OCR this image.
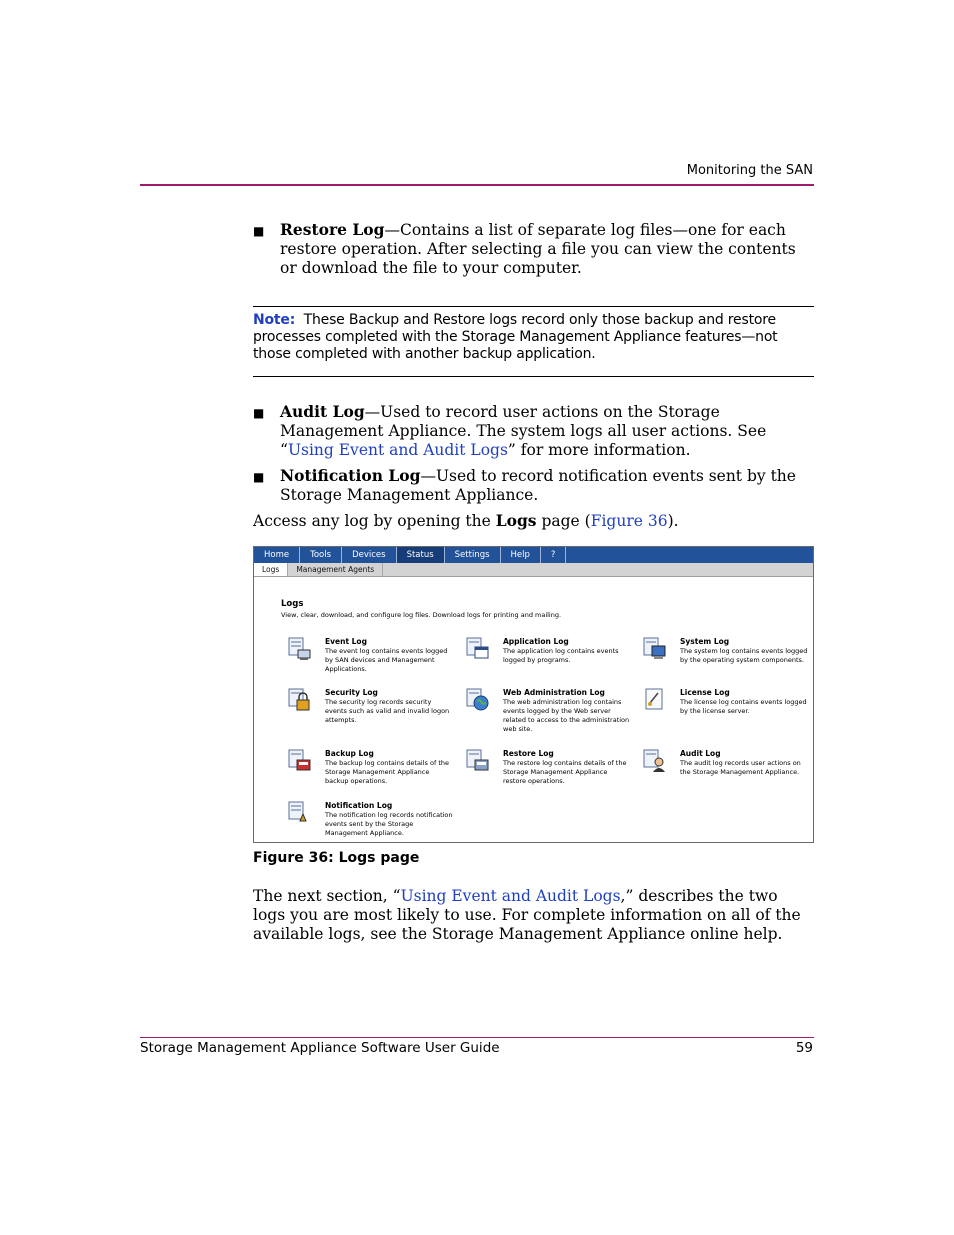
Monitoring the SAN
■ Restore Log—Contains a list of separate log files—one for each restore operation. After selecting a file you can view the contents or download the file to your computer.
Note: These Backup and Restore logs record only those backup and restore processes completed with the Storage Management Appliance features—not those completed with another backup application.
■ Audit Log—Used to record user actions on the Storage Management Appliance. The system logs all user actions. See “Using Event and Audit Logs” for more information.
■ Notification Log—Used to record notification events sent by the Storage Management Appliance.
Access any log by opening the Logs page (Figure 36).
Home	Tools	Devices	Status	Settings	Help	?
Logs	Management Agents
Logs
View, clear, download, and configure log files. Download logs for printing and mailing.
Event Log
The event log contains events logged by SAN devices and Management Applications.
Application Log
The application log contains events logged by programs.
System Log
The system log contains events logged by the operating system components.
Security Log
The security log records security events such as valid and invalid logon attempts.
Web Administration Log
The web administration log contains events logged by the Web server related to access to the administration web site.
License Log
The license log contains events logged by the license server.
Backup Log
The backup log contains details of the Storage Management Appliance backup operations.
Restore Log
The restore log contains details of the Storage Management Appliance restore operations.
Audit Log
The audit log records user actions on the Storage Management Appliance.
Notification Log
The notification log records notification events sent by the Storage Management Appliance.
Figure 36: Logs page
The next section, “Using Event and Audit Logs,” describes the two logs you are most likely to use. For complete information on all of the available logs, see the Storage Management Appliance online help.
Storage Management Appliance Software User Guide	59
